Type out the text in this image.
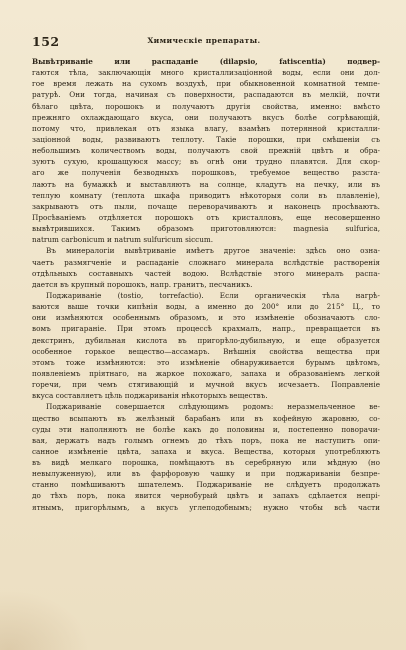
152	Химическіе препараты.
Вывѣтриваніе или распаданіе (dilapsio, fatiscentia) подвер-
гаются тѣла, заключающія много кристаллизаціонной воды, если они дол-
гое время лежать на сухомъ воздухѣ, при обыкновенной комнатной темпе-
ратурѣ. Они тогда, начиная съ поверхности, распадаются въ мелкій, почти
бѣлаго цвѣта, порошокъ и получаютъ другія свойства, именно: вмѣсто
прежняго охлаждающаго вкуса, они получаютъ вкусъ болѣе согрѣвающій,
потому что, привлекая отъ языка влагу, взамѣнъ потерянной кристалли-
заціонной воды, развиваютъ теплоту. Такіе порошки, при смѣшеніи съ
небольшимъ количествомъ воды, получаютъ свой прежній цвѣтъ и обра-
зуютъ сухую, крошащуюся массу; въ огнѣ они трудно плавятся. Для скор-
аго же полученія безводныхъ порошковъ, требуемое вещество разста-
лаютъ на бумажкѣ и выставляютъ на солнце, кладутъ на печку, или въ
теплую комнату (теплота шкафа приводитъ нѣкоторыя соли въ плавленіе),
закрываютъ отъ пыли, почаще переворачиваютъ и наконецъ просѣваютъ.
Просѣваніемъ отдѣляется порошокъ отъ кристалловъ, еще несовершенно
вывѣтрившихся. Такимъ образомъ приготовляются: magnesia sulfurica,
natrum carbonicum и natrum sulfuricum siccum.
Въ минералогіи вывѣтриваніе имѣетъ другое значеніе: здѣсь оно озна-
чаетъ размягченіе и распаданіе сложнаго минерала вслѣдствіе растворенія
отдѣльныхъ составныхъ частей водою. Вслѣдствіе этого минералъ распа-
дается въ крупный порошокъ, напр. гранитъ, песчаникъ.
Поджариваніе (tostio, torrefactio). Если органическія тѣла нагрѣ-
ваются выше точки кипѣнія воды, а именно до 200° или до 215° Ц., то
они измѣняются особеннымъ образомъ, и это измѣненіе обозначаютъ сло-
вомъ пригараніе. При этомъ процессѣ крахмалъ, напр., превращается въ
декстринъ, дубильная кислота въ пригорѣло-дубильную, и еще образуется
особенное горькое вещество—ассамаръ. Внѣшнія свойства вещества при
этомъ тоже измѣняются: это измѣненіе обнаруживается бурымъ цвѣтомъ,
появленіемъ пріятнаго, на жаркое похожаго, запаха и образованіемъ легкой
горечи, при чемъ стягивающій и мучной вкусъ исчезаетъ. Поправленіе
вкуса составляетъ цѣль поджариванія нѣкоторыхъ веществъ.
Поджариваніе совершается слѣдующимъ родомъ: неразмельченное ве-
щество всыпаютъ въ желѣзный барабанъ или въ кофейную жаровню, со-
суды эти наполняютъ не болѣе какъ до половины и, постепенно поворачи-
вая, держатъ надъ голымъ огнемъ до тѣхъ поръ, пока не наступитъ опи-
санное измѣненіе цвѣта, запаха и вкуса. Вещества, которыя употребляютъ
въ видѣ мелкаго порошка, помѣщаютъ въ серебряную или мѣдную (но
невылуженную), или въ фарфоровую чашку и при поджариваніи безпре-
станно помѣшиваютъ шпателемъ. Поджариваніе не слѣдуетъ продолжать
до тѣхъ поръ, пока явится чернобурый цвѣтъ и запахъ сдѣлается непрі-
ятнымъ, пригорѣлымъ, а вкусъ углеподобнымъ; нужно чтобы всѣ части
